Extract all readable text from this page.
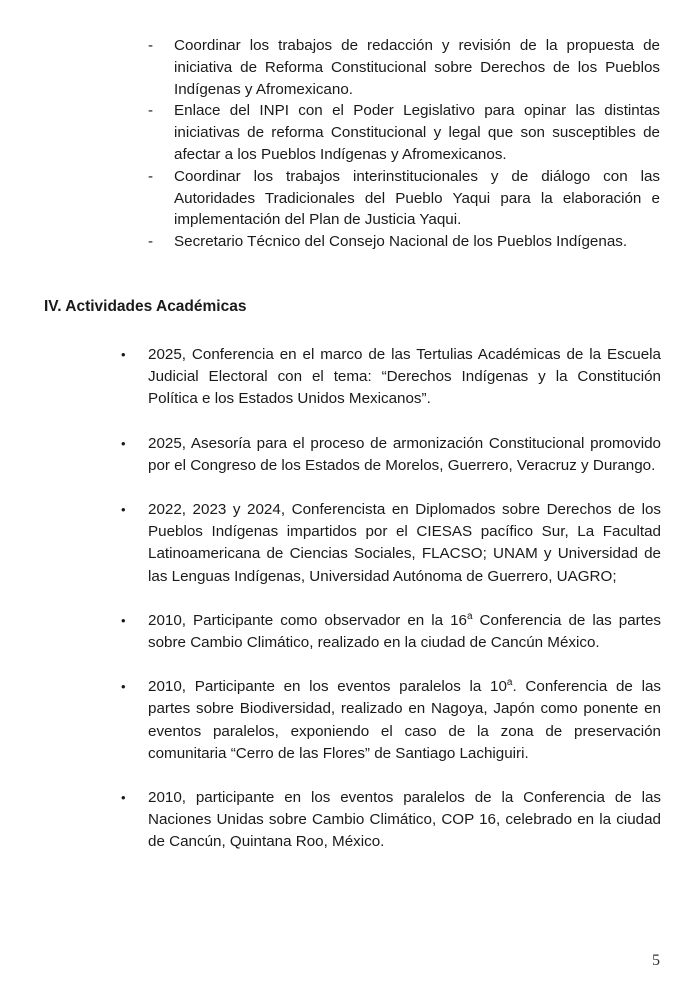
- Coordinar los trabajos de redacción y revisión de la propuesta de iniciativa de Reforma Constitucional sobre Derechos de los Pueblos Indígenas y Afromexicano.
- Enlace del INPI con el Poder Legislativo para opinar las distintas iniciativas de reforma Constitucional y legal que son susceptibles de afectar a los Pueblos Indígenas y Afromexicanos.
- Coordinar los trabajos interinstitucionales y de diálogo con las Autoridades Tradicionales del Pueblo Yaqui para la elaboración e implementación del Plan de Justicia Yaqui.
- Secretario Técnico del Consejo Nacional de los Pueblos Indígenas.
IV. Actividades Académicas
• 2025, Conferencia en el marco de las Tertulias Académicas de la Escuela Judicial Electoral con el tema: “Derechos Indígenas y la Constitución Política e los Estados Unidos Mexicanos”.
• 2025, Asesoría para el proceso de armonización Constitucional promovido por el Congreso de los Estados de Morelos, Guerrero, Veracruz y Durango.
• 2022, 2023 y 2024, Conferencista en Diplomados sobre Derechos de los Pueblos Indígenas impartidos por el CIESAS pacífico Sur, La Facultad Latinoamericana de Ciencias Sociales, FLACSO; UNAM y Universidad de las Lenguas Indígenas, Universidad Autónoma de Guerrero, UAGRO;
• 2010, Participante como observador en la 16$^a$ Conferencia de las partes sobre Cambio Climático, realizado en la ciudad de Cancún México.
• 2010, Participante en los eventos paralelos la 10$^a$. Conferencia de las partes sobre Biodiversidad, realizado en Nagoya, Japón como ponente en eventos paralelos, exponiendo el caso de la zona de preservación comunitaria “Cerro de las Flores” de Santiago Lachiguiri.
• 2010, participante en los eventos paralelos de la Conferencia de las Naciones Unidas sobre Cambio Climático, COP 16, celebrado en la ciudad de Cancún, Quintana Roo, México.
5
